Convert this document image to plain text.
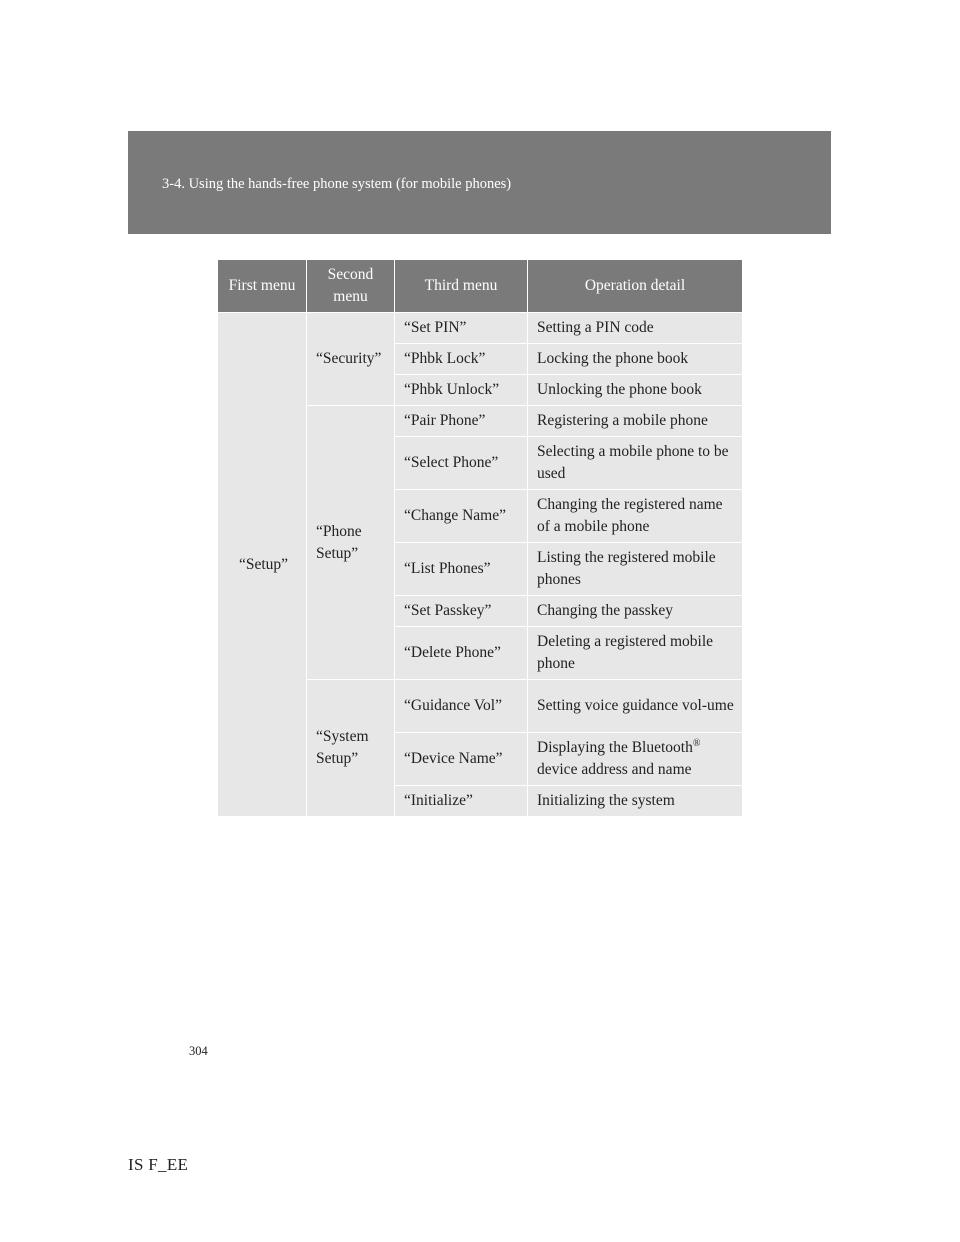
3-4. Using the hands-free phone system (for mobile phones)
First menu	Second menu	Third menu	Operation detail
“Setup”	“Security”	“Set PIN”	Setting a PIN code
		“Phbk Lock”	Locking the phone book
		“Phbk Unlock”	Unlocking the phone book
	“Phone Setup”	“Pair Phone”	Registering a mobile phone
		“Select Phone”	Selecting a mobile phone to be used
		“Change Name”	Changing the registered name of a mobile phone
		“List Phones”	Listing the registered mobile phones
		“Set Passkey”	Changing the passkey
		“Delete Phone”	Deleting a registered mobile phone
	“System Setup”	“Guidance Vol”	Setting voice guidance vol-ume
		“Device Name”	Displaying the Bluetooth® device address and name
		“Initialize”	Initializing the system
304
IS F_EE
